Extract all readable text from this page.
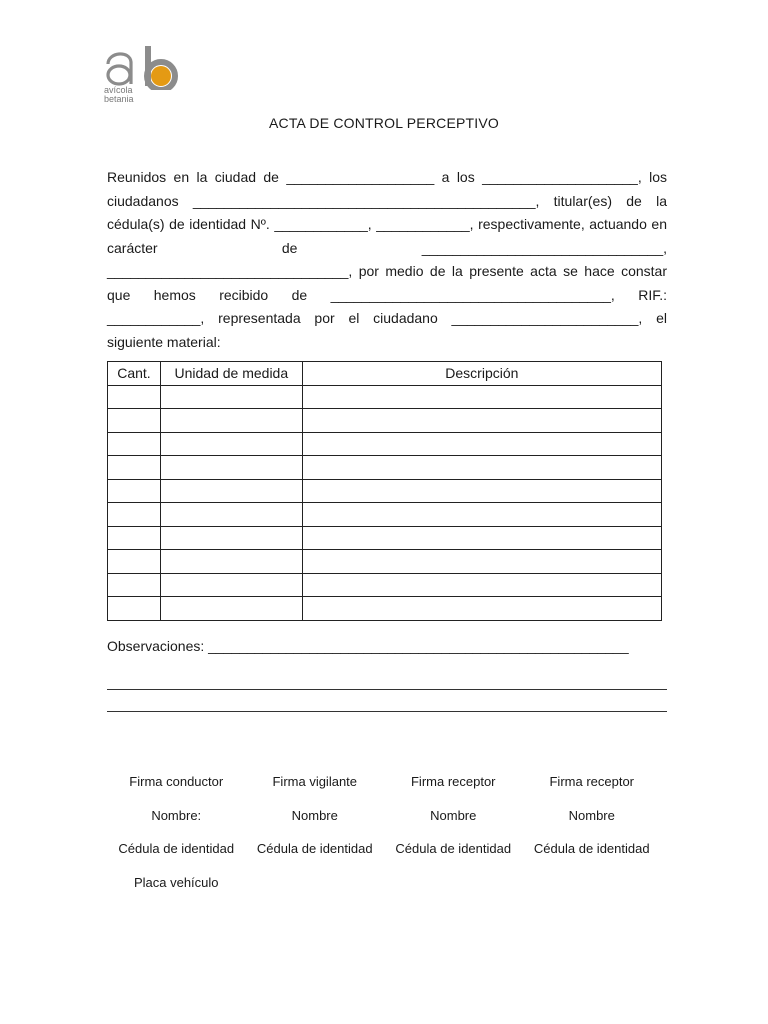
avícola
betania
ACTA DE CONTROL PERCEPTIVO
Reunidos en la ciudad de ___________________ a los ____________________, los ciudadanos ____________________________________________, titular(es) de la cédula(s) de identidad Nº. ____________, ____________, respectivamente, actuando en carácter de _______________________________, _______________________________, por medio de la presente acta se hace constar que hemos recibido de ____________________________________, RIF.: ____________, representada por el ciudadano ________________________, el siguiente material:
Cant.	Unidad de medida	Descripción

Observaciones: ______________________________________________________
Firma conductor	Firma vigilante	Firma receptor	Firma receptor
Nombre:	Nombre	Nombre	Nombre
Cédula de identidad	Cédula de identidad	Cédula de identidad	Cédula de identidad
Placa vehículo
